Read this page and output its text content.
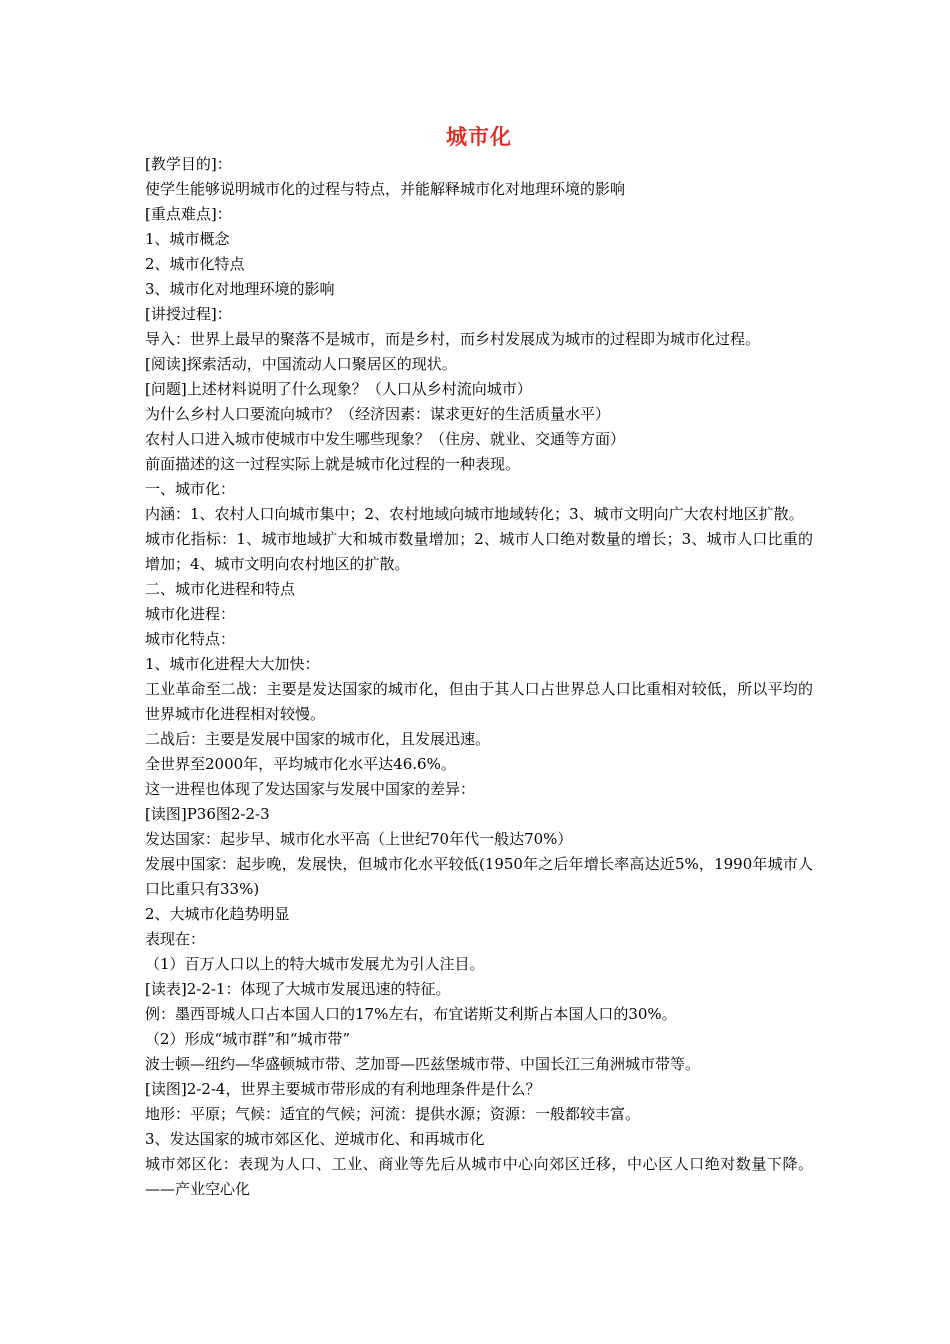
城市化

[教学目的]：

使学生能够说明城市化的过程与特点，并能解释城市化对地理环境的影响

[重点难点]：

1、城市概念

2、城市化特点

3、城市化对地理环境的影响

[讲授过程]：

导入：世界上最早的聚落不是城市，而是乡村，而乡村发展成为城市的过程即为城市化过程。

[阅读]探索活动，中国流动人口聚居区的现状。

[问题]上述材料说明了什么现象？（人口从乡村流向城市）

为什么乡村人口要流向城市？（经济因素：谋求更好的生活质量水平）

农村人口进入城市使城市中发生哪些现象？（住房、就业、交通等方面）

前面描述的这一过程实际上就是城市化过程的一种表现。

一、城市化：

内涵：1、农村人口向城市集中；2、农村地域向城市地域转化；3、城市文明向广大农村地区扩散。

城市化指标：1、城市地域扩大和城市数量增加；2、城市人口绝对数量的增长；3、城市人口比重的增加；4、城市文明向农村地区的扩散。

二、城市化进程和特点

城市化进程：

城市化特点：

1、城市化进程大大加快：

工业革命至二战：主要是发达国家的城市化，但由于其人口占世界总人口比重相对较低，所以平均的世界城市化进程相对较慢。

二战后：主要是发展中国家的城市化，且发展迅速。

全世界至2000年，平均城市化水平达46.6%。

这一进程也体现了发达国家与发展中国家的差异：

[读图]P36图2-2-3

发达国家：起步早、城市化水平高（上世纪70年代一般达70%）

发展中国家：起步晚，发展快，但城市化水平较低(1950年之后年增长率高达近5%，1990年城市人口比重只有33%)

2、大城市化趋势明显

表现在：

（1）百万人口以上的特大城市发展尤为引人注目。

[读表]2-2-1：体现了大城市发展迅速的特征。

例：墨西哥城人口占本国人口的17%左右，布宜诺斯艾利斯占本国人口的30%。

（2）形成“城市群”和“城市带”

波士顿—纽约—华盛顿城市带、芝加哥—匹兹堡城市带、中国长江三角洲城市带等。

[读图]2-2-4，世界主要城市带形成的有利地理条件是什么？

地形：平原；气候：适宜的气候；河流：提供水源；资源：一般都较丰富。

3、发达国家的城市郊区化、逆城市化、和再城市化

城市郊区化：表现为人口、工业、商业等先后从城市中心向郊区迁移，中心区人口绝对数量下降。——产业空心化
